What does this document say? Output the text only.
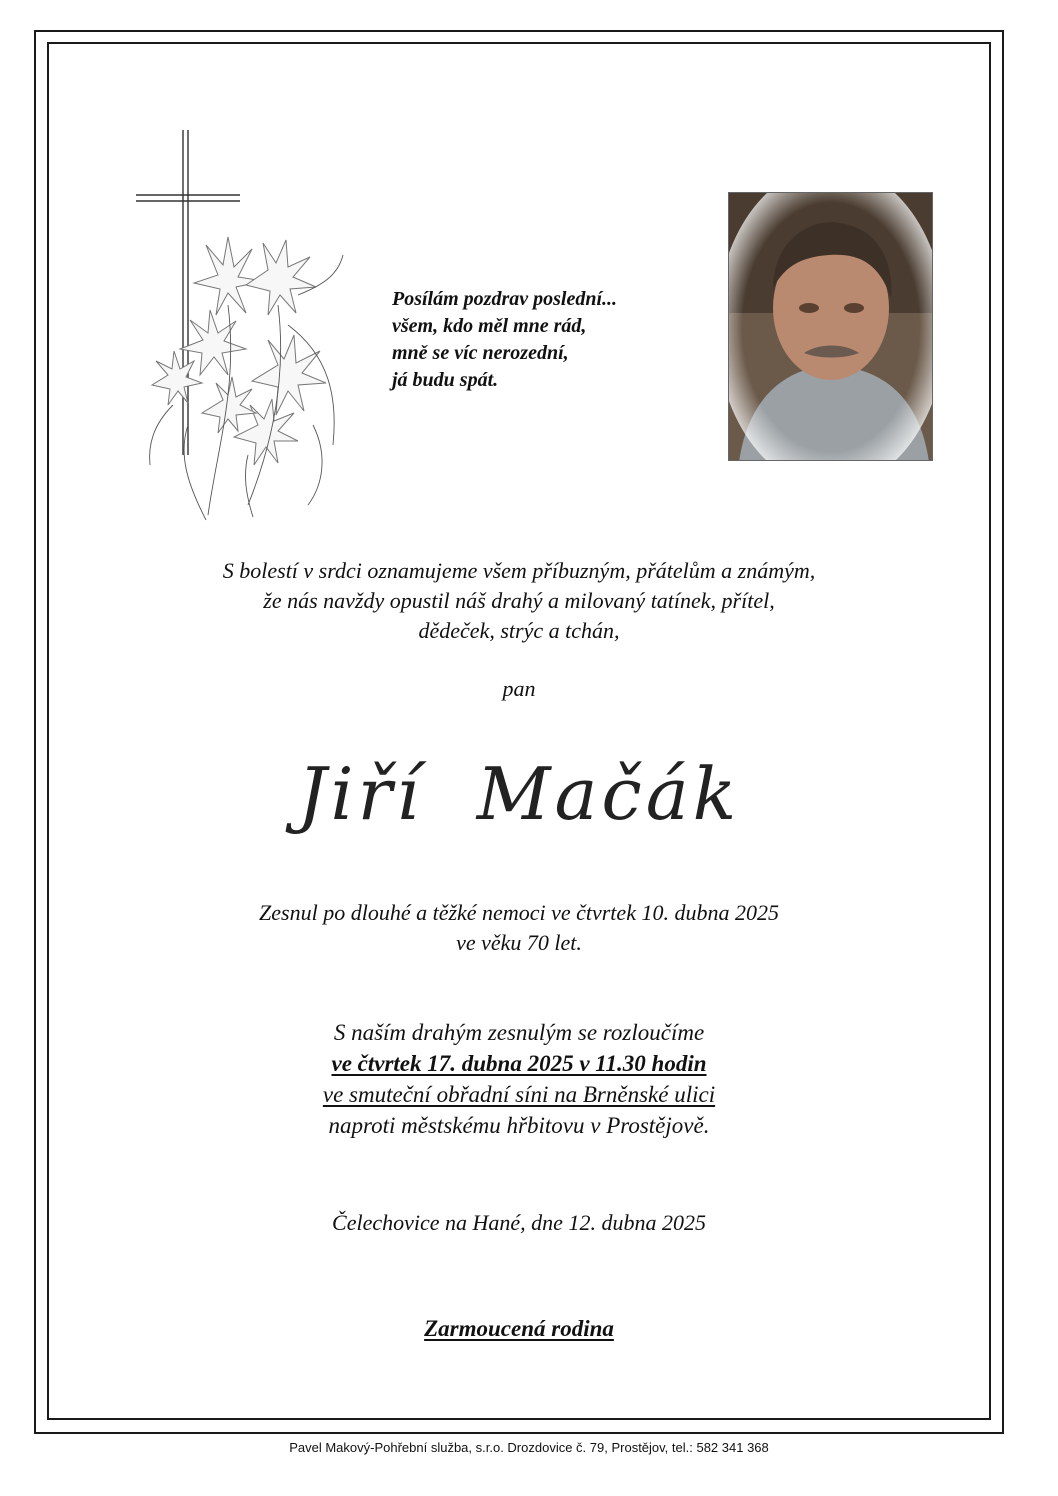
Posílám pozdrav poslední...
všem, kdo měl mne rád,
mně se víc nerozední,
já budu spát.
S bolestí v srdci oznamujeme všem příbuzným, přátelům a známým,
že nás navždy opustil náš drahý a milovaný tatínek, přítel,
dědeček, strýc a tchán,
pan
Jiří  Mačák
Zesnul po dlouhé a těžké nemoci ve čtvrtek 10. dubna 2025
ve věku 70 let.
S naším drahým zesnulým se rozloučíme
ve čtvrtek 17. dubna 2025 v 11.30 hodin
ve smuteční obřadní síni na Brněnské ulici
naproti městskému hřbitovu v Prostějově.
Čelechovice na Hané, dne 12. dubna 2025
Zarmoucená rodina
Pavel Makový-Pohřební služba, s.r.o. Drozdovice č. 79, Prostějov, tel.: 582 341 368
